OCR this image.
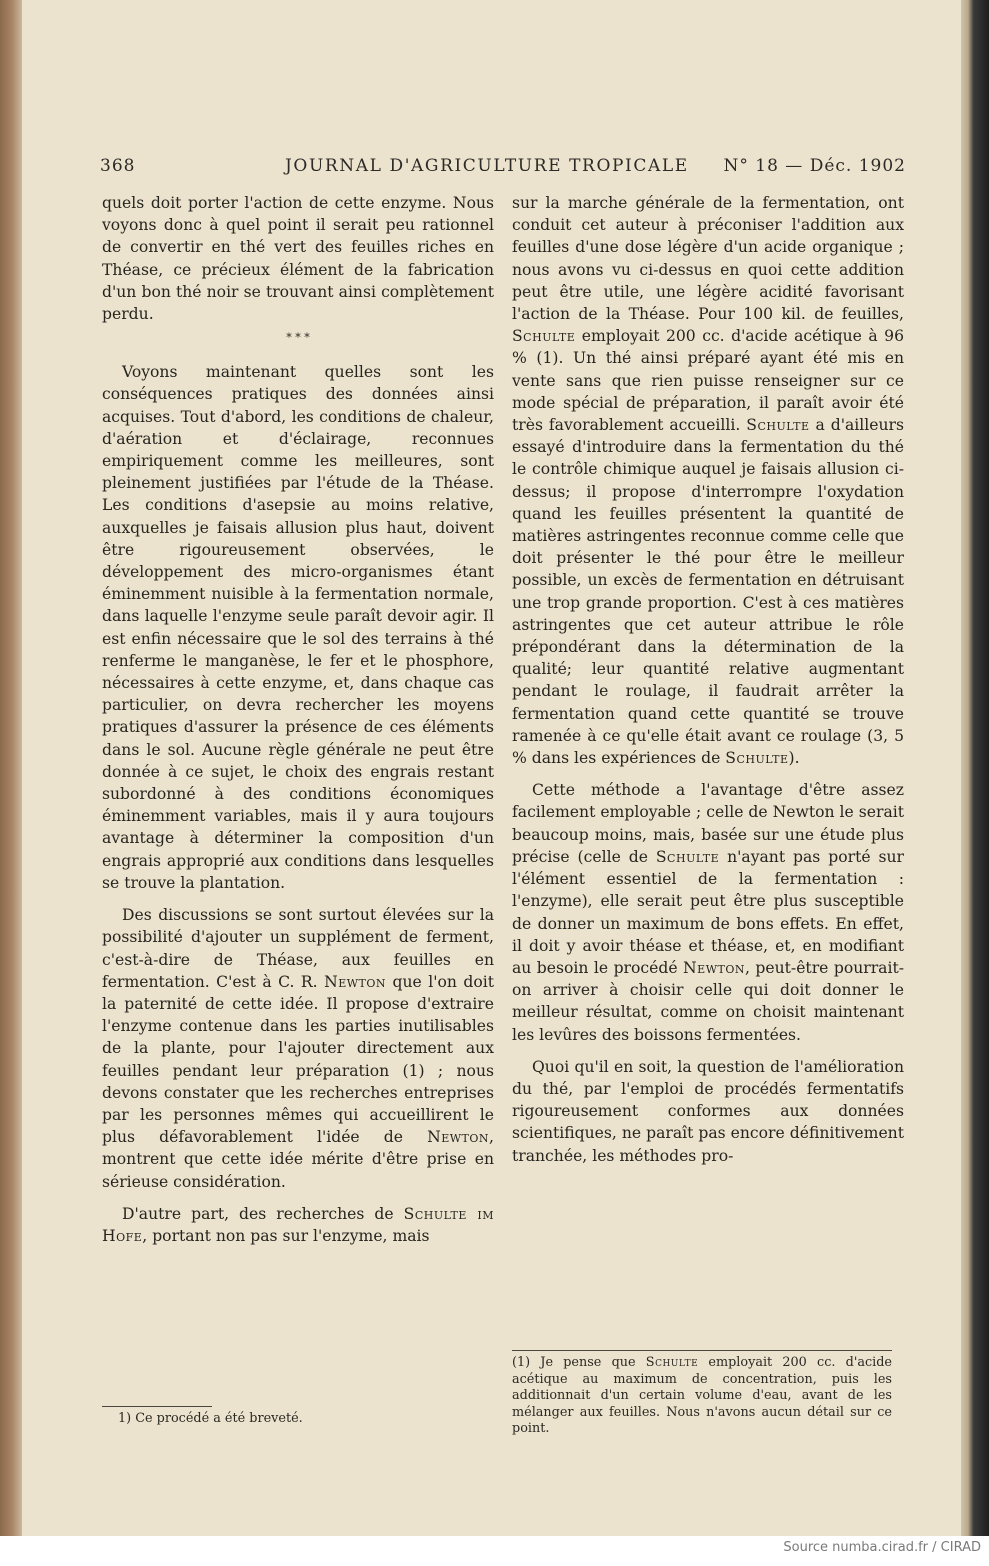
368	JOURNAL D'AGRICULTURE TROPICALE N° 18 — Déc. 1902

quels doit porter l'action de cette enzyme. Nous voyons donc à quel point il serait peu rationnel de convertir en thé vert des feuilles riches en Théase, ce précieux élément de la fabrication d'un bon thé noir se trouvant ainsi complètement perdu.

* * *

Voyons maintenant quelles sont les conséquences pratiques des données ainsi acquises. Tout d'abord, les conditions de chaleur, d'aération et d'éclairage, reconnues empiriquement comme les meilleures, sont pleinement justifiées par l'étude de la Théase. Les conditions d'asepsie au moins relative, auxquelles je faisais allusion plus haut, doivent être rigoureusement observées, le développement des micro-organismes étant éminemment nuisible à la fermentation normale, dans laquelle l'enzyme seule paraît devoir agir. Il est enfin nécessaire que le sol des terrains à thé renferme le manganèse, le fer et le phosphore, nécessaires à cette enzyme, et, dans chaque cas particulier, on devra rechercher les moyens pratiques d'assurer la présence de ces éléments dans le sol. Aucune règle générale ne peut être donnée à ce sujet, le choix des engrais restant subordonné à des conditions économiques éminemment variables, mais il y aura toujours avantage à déterminer la composition d'un engrais approprié aux conditions dans lesquelles se trouve la plantation.

Des discussions se sont surtout élevées sur la possibilité d'ajouter un supplément de ferment, c'est-à-dire de Théase, aux feuilles en fermentation. C'est à C. R. Newton que l'on doit la paternité de cette idée. Il propose d'extraire l'enzyme contenue dans les parties inutilisables de la plante, pour l'ajouter directement aux feuilles pendant leur préparation (1) ; nous devons constater que les recherches entreprises par les personnes mêmes qui accueillirent le plus défavorablement l'idée de Newton, montrent que cette idée mérite d'être prise en sérieuse considération.

D'autre part, des recherches de Schulte im Hofe, portant non pas sur l'enzyme, mais

1) Ce procédé a été breveté.

sur la marche générale de la fermentation, ont conduit cet auteur à préconiser l'addition aux feuilles d'une dose légère d'un acide organique ; nous avons vu ci-dessus en quoi cette addition peut être utile, une légère acidité favorisant l'action de la Théase. Pour 100 kil. de feuilles, Schulte employait 200 cc. d'acide acétique à 96 % (1). Un thé ainsi préparé ayant été mis en vente sans que rien puisse renseigner sur ce mode spécial de préparation, il paraît avoir été très favorablement accueilli. Schulte a d'ailleurs essayé d'introduire dans la fermentation du thé le contrôle chimique auquel je faisais allusion ci-dessus; il propose d'interrompre l'oxydation quand les feuilles présentent la quantité de matières astringentes reconnue comme celle que doit présenter le thé pour être le meilleur possible, un excès de fermentation en détruisant une trop grande proportion. C'est à ces matières astringentes que cet auteur attribue le rôle prépondérant dans la détermination de la qualité; leur quantité relative augmentant pendant le roulage, il faudrait arrêter la fermentation quand cette quantité se trouve ramenée à ce qu'elle était avant ce roulage (3, 5 % dans les expériences de Schulte).

Cette méthode a l'avantage d'être assez facilement employable ; celle de Newton le serait beaucoup moins, mais, basée sur une étude plus précise (celle de Schulte n'ayant pas porté sur l'élément essentiel de la fermentation : l'enzyme), elle serait peut être plus susceptible de donner un maximum de bons effets. En effet, il doit y avoir théase et théase, et, en modifiant au besoin le procédé Newton, peut-être pourrait-on arriver à choisir celle qui doit donner le meilleur résultat, comme on choisit maintenant les levûres des boissons fermentées.

Quoi qu'il en soit, la question de l'amélioration du thé, par l'emploi de procédés fermentatifs rigoureusement conformes aux données scientifiques, ne paraît pas encore définitivement tranchée, les méthodes pro-

(1) Je pense que Schulte employait 200 cc. d'acide acétique au maximum de concentration, puis les additionnait d'un certain volume d'eau, avant de les mélanger aux feuilles. Nous n'avons aucun détail sur ce point.
Source numba.cirad.fr / CIRAD
